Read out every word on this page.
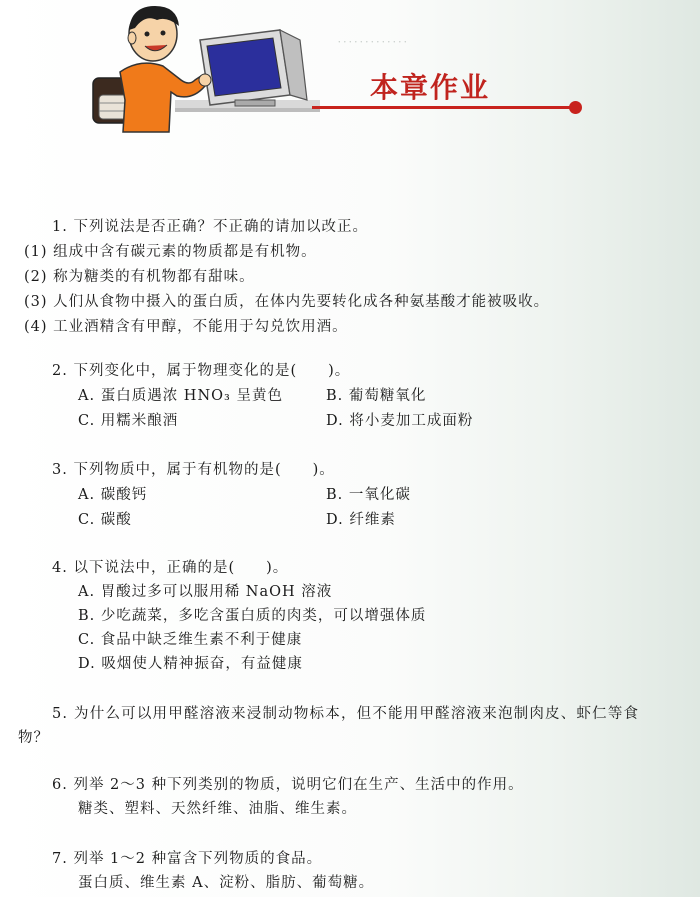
．．．．．．．．．．．．．
本章作业
1. 下列说法是否正确？不正确的请加以改正。
(1) 组成中含有碳元素的物质都是有机物。
(2) 称为糖类的有机物都有甜味。
(3) 人们从食物中摄入的蛋白质，在体内先要转化成各种氨基酸才能被吸收。
(4) 工业酒精含有甲醇，不能用于勾兑饮用酒。
2. 下列变化中，属于物理变化的是(　　)。
A. 蛋白质遇浓 HNO₃ 呈黄色	B. 葡萄糖氧化
C. 用糯米酿酒	D. 将小麦加工成面粉
3. 下列物质中，属于有机物的是(　　)。
A. 碳酸钙	B. 一氧化碳
C. 碳酸	D. 纤维素
4. 以下说法中，正确的是(　　)。
A. 胃酸过多可以服用稀 NaOH 溶液
B. 少吃蔬菜，多吃含蛋白质的肉类，可以增强体质
C. 食品中缺乏维生素不利于健康
D. 吸烟使人精神振奋，有益健康
5. 为什么可以用甲醛溶液来浸制动物标本，但不能用甲醛溶液来泡制肉皮、虾仁等食
物？
6. 列举 2～3 种下列类别的物质，说明它们在生产、生活中的作用。
糖类、塑料、天然纤维、油脂、维生素。
7. 列举 1～2 种富含下列物质的食品。
蛋白质、维生素 A、淀粉、脂肪、葡萄糖。
